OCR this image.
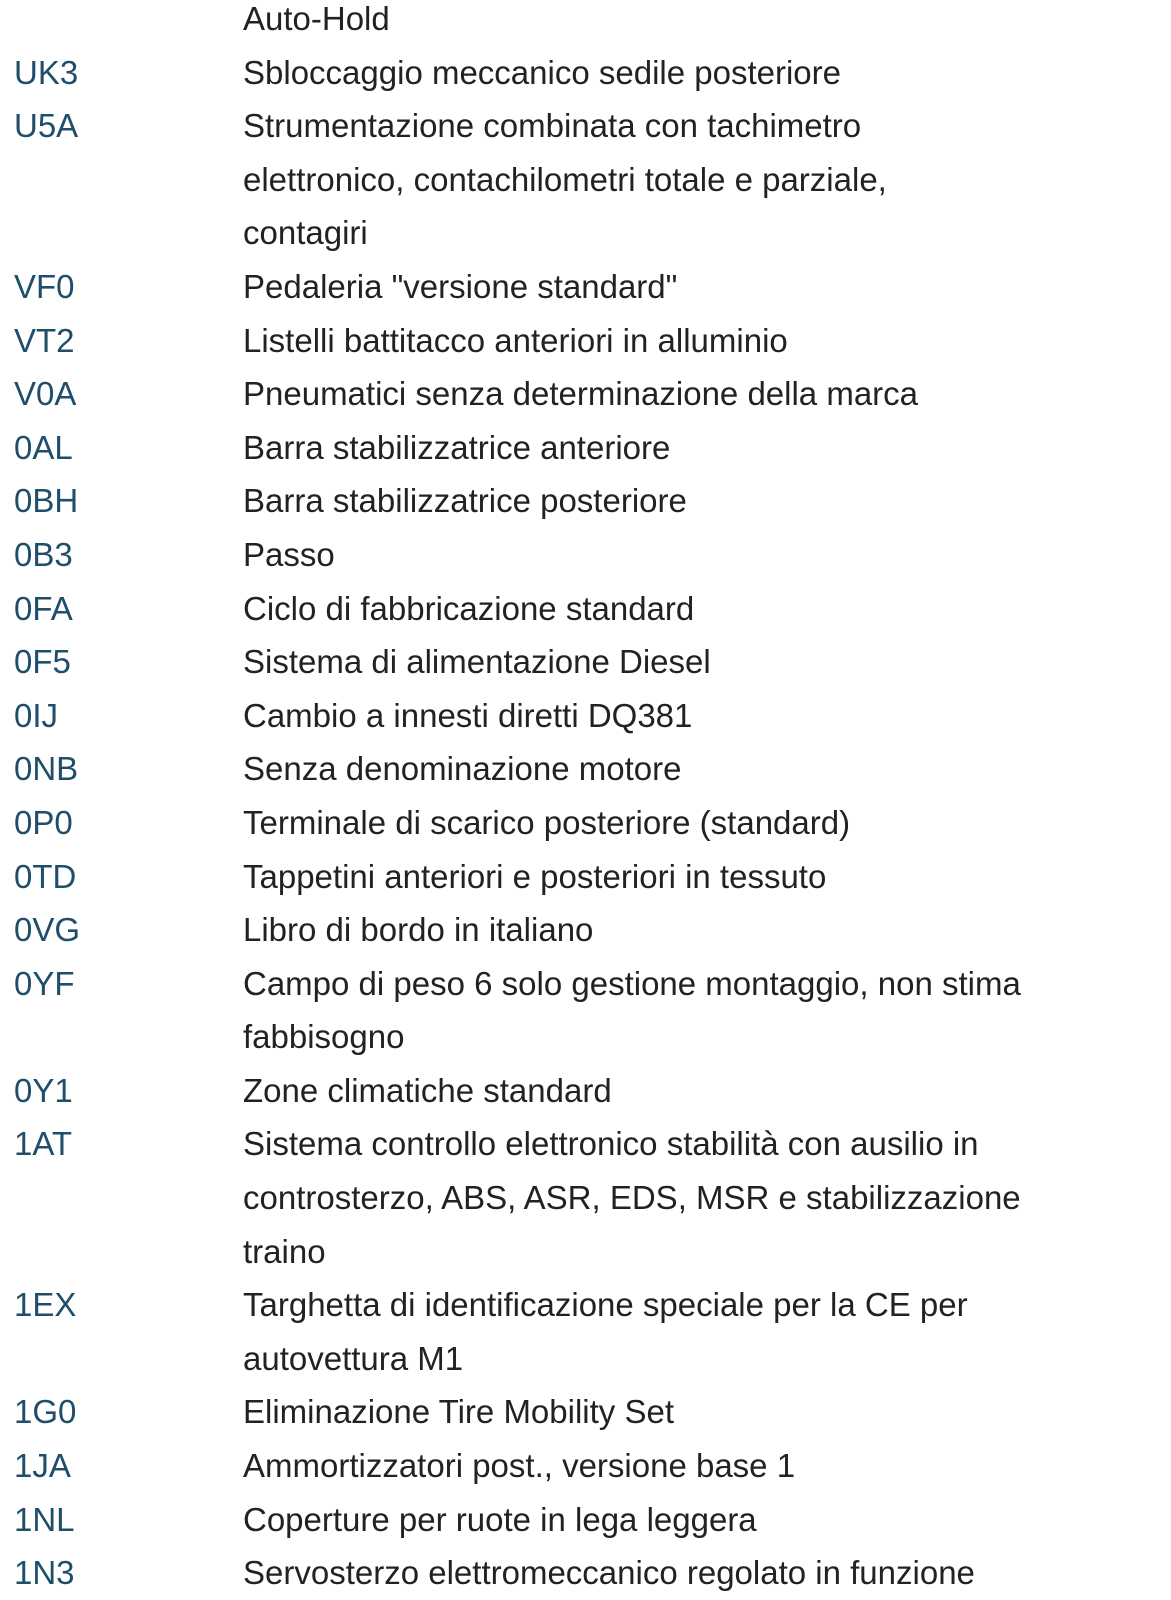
Auto-Hold
UK3	Sbloccaggio meccanico sedile posteriore
U5A	Strumentazione combinata con tachimetro
elettronico, contachilometri totale e parziale,
contagiri
VF0	Pedaleria "versione standard"
VT2	Listelli battitacco anteriori in alluminio
V0A	Pneumatici senza determinazione della marca
0AL	Barra stabilizzatrice anteriore
0BH	Barra stabilizzatrice posteriore
0B3	Passo
0FA	Ciclo di fabbricazione standard
0F5	Sistema di alimentazione Diesel
0IJ	Cambio a innesti diretti DQ381
0NB	Senza denominazione motore
0P0	Terminale di scarico posteriore (standard)
0TD	Tappetini anteriori e posteriori in tessuto
0VG	Libro di bordo in italiano
0YF	Campo di peso 6 solo gestione montaggio, non stima
fabbisogno
0Y1	Zone climatiche standard
1AT	Sistema controllo elettronico stabilità con ausilio in
controsterzo, ABS, ASR, EDS, MSR e stabilizzazione
traino
1EX	Targhetta di identificazione speciale per la CE per
autovettura M1
1G0	Eliminazione Tire Mobility Set
1JA	Ammortizzatori post., versione base 1
1NL	Coperture per ruote in lega leggera
1N3	Servosterzo elettromeccanico regolato in funzione
